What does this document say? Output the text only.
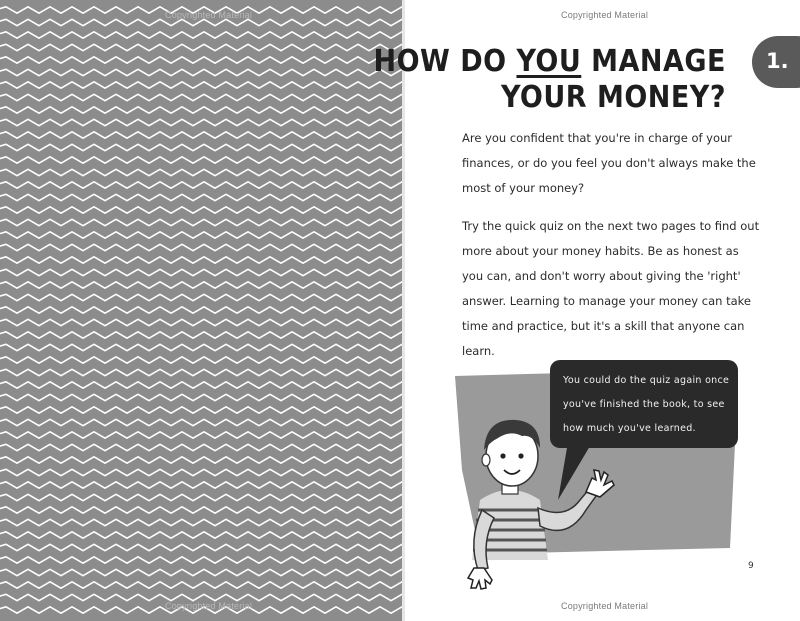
Copyrighted Material
Copyrighted Material
Copyrighted Material
Copyrighted Material
1.
HOW DO YOU MANAGE
YOUR MONEY?
Are you confident that you're in charge of your finances, or do you feel you don't always make the most of your money?
Try the quick quiz on the next two pages to find out more about your money habits. Be as honest as you can, and don't worry about giving the 'right' answer. Learning to manage your money can take time and practice, but it's a skill that anyone can learn.
You could do the quiz again once you've finished the book, to see how much you've learned.
9
